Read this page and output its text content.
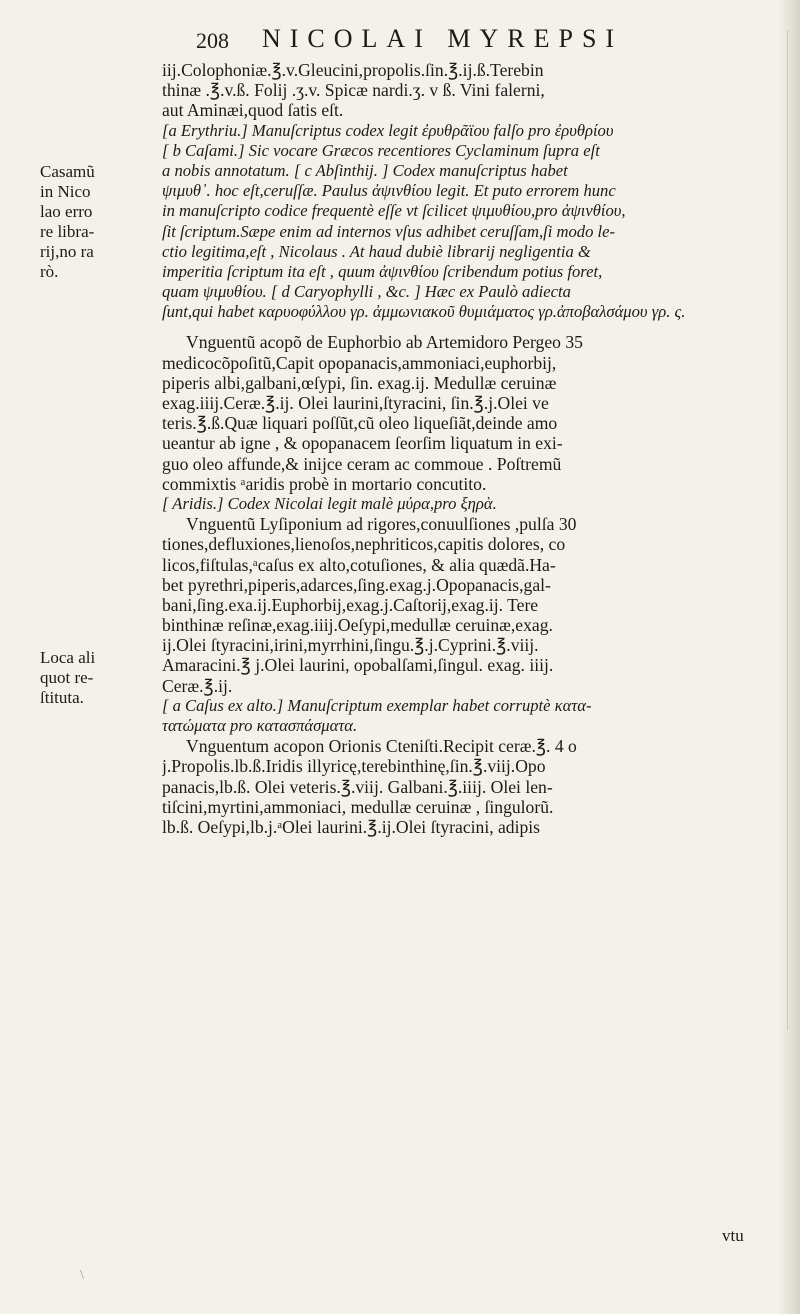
208 NICOLAI MYREPSI
Casamũ
in Nico
lao erro
re libra-
rij,no ra
rò.
Loca ali
quot re-
ſtituta.
iij.Colophoniæ.℥.v.Gleucini,propolis.ſin.℥.ij.ß.Terebin
thinæ .℥.v.ß. Folij .ʒ.v. Spicæ nardi.ʒ. v ß. Vini falerni,
aut Aminæi,quod ſatis eſt.
[a Erythriu.] Manuſcriptus codex legit ἐρυθρᾶϊου falſo pro ἐρυθρίου
[ b Caſami.] Sic vocare Græcos recentiores Cyclaminum ſupra eſt
a nobis annotatum. [ c Abſinthij. ] Codex manuſcriptus habet
ψιμυθ᾽. hoc eſt,ceruſſæ. Paulus ἀψινθίου legit. Et puto errorem hunc
in manuſcripto codice frequentè eſſe vt ſcilicet ψιμυθίου,pro ἀψινθίου,
ſit ſcriptum.Sæpe enim ad internos vſus adhibet ceruſſam,ſi modo le-
ctio legitima,eſt , Nicolaus . At haud dubiè librarij negligentia &
imperitia ſcriptum ita eſt , quum ἀψινθίου ſcribendum potius foret,
quam ψιμυθίου. [ d Caryophylli , &c. ] Hæc ex Paulò adiecta
ſunt,qui habet καρυοφύλλου γρ. ἀμμωνιακοῦ θυμιάματος γρ.ἀποβαλσάμου γρ. ς.
Vnguentũ acopõ de Euphorbio ab Artemidoro Pergeo 35
medicocõpoſitũ,Capit opopanacis,ammoniaci,euphorbij,
piperis albi,galbani,œſypi, ſin. exag.ij. Medullæ ceruinæ
exag.iiij.Ceræ.℥.ij. Olei laurini,ſtyracini, ſin.℥.j.Olei ve
teris.℥.ß.Quæ liquari poſſũt,cũ oleo liqueſiãt,deinde amo
ueantur ab igne , & opopanacem ſeorſim liquatum in exi-
guo oleo affunde,& inijce ceram ac commoue . Poſtremũ
commixtis ᵃaridis probè in mortario concutito.
[ Aridis.] Codex Nicolai legit malè μύρα,pro ξηρὰ.
Vnguentũ Lyſiponium ad rigores,conuulſiones ,pulſa 30
tiones,defluxiones,lienoſos,nephriticos,capitis dolores, co
licos,fiſtulas,ᵃcaſus ex alto,cotuſiones, & alia quædã.Ha-
bet pyrethri,piperis,adarces,ſing.exag.j.Opopanacis,gal-
bani,ſing.exa.ij.Euphorbij,exag.j.Caſtorij,exag.ij. Tere
binthinæ reſinæ,exag.iiij.Oeſypi,medullæ ceruinæ,exag.
ij.Olei ſtyracini,irini,myrrhini,ſingu.℥.j.Cyprini.℥.viij.
Amaracini.℥ j.Olei laurini, opobalſami,ſingul. exag. iiij.
Ceræ.℥.ij.
[ a Caſus ex alto.] Manuſcriptum exemplar habet corruptè κατα-
τατώματα pro κατασπάσματα.
Vnguentum acopon Orionis Cteniſti.Recipit ceræ.℥. 4 o
j.Propolis.lb.ß.Iridis illyricę,terebinthinę,ſin.℥.viij.Opo
panacis,lb.ß. Olei veteris.℥.viij. Galbani.℥.iiij. Olei len-
tiſcini,myrtini,ammoniaci, medullæ ceruinæ , ſingulorũ.
lb.ß. Oeſypi,lb.j.ᵃOlei laurini.℥.ij.Olei ſtyracini, adipis
vtu
\
